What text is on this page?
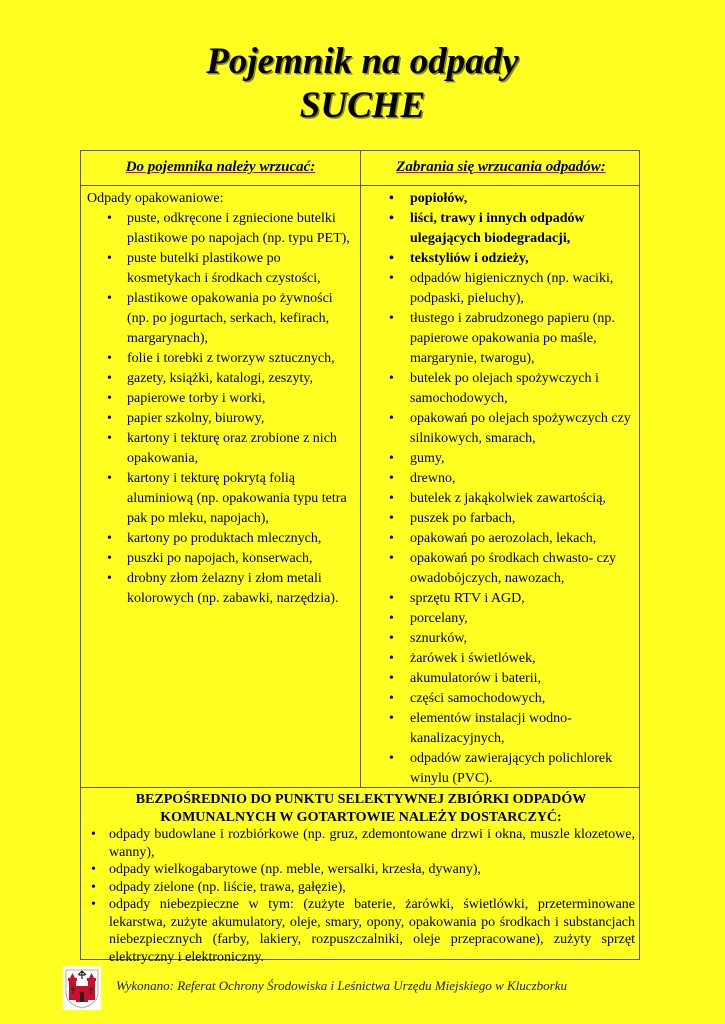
Pojemnik na odpady
SUCHE
Do pojemnika należy wrzucać:	Zabrania się wrzucania odpadów:
Odpady opakowaniowe:
• puste, odkręcone i zgniecione butelki plastikowe po napojach (np. typu PET),
• puste butelki plastikowe po kosmetykach i środkach czystości,
• plastikowe opakowania po żywności (np. po jogurtach, serkach, kefirach, margarynach),
• folie i torebki z tworzyw sztucznych,
• gazety, książki, katalogi, zeszyty,
• papierowe torby i worki,
• papier szkolny, biurowy,
• kartony i tekturę oraz zrobione z nich opakowania,
• kartony i tekturę pokrytą folią aluminiową (np. opakowania typu tetra pak po mleku, napojach),
• kartony po produktach mlecznych,
• puszki po napojach, konserwach,
• drobny złom żelazny i złom metali kolorowych (np. zabawki, narzędzia).
• popiołów,
• liści, trawy i innych odpadów ulegających biodegradacji,
• tekstyliów i odzieży,
• odpadów higienicznych (np. waciki, podpaski, pieluchy),
• tłustego i zabrudzonego papieru (np. papierowe opakowania po maśle, margarynie, twarogu),
• butelek po olejach spożywczych i samochodowych,
• opakowań po olejach spożywczych czy silnikowych, smarach,
• gumy,
• drewno,
• butelek z jakąkolwiek zawartością,
• puszek po farbach,
• opakowań po aerozolach, lekach,
• opakowań po środkach chwasto- czy owadobójczych, nawozach,
• sprzętu RTV i AGD,
• porcelany,
• sznurków,
• żarówek i świetlówek,
• akumulatorów i baterii,
• części samochodowych,
• elementów instalacji wodno-kanalizacyjnych,
• odpadów zawierających polichlorek winylu (PVC).
BEZPOŚREDNIO DO PUNKTU SELEKTYWNEJ ZBIÓRKI ODPADÓW KOMUNALNYCH W GOTARTOWIE NALEŻY DOSTARCZYĆ:
• odpady budowlane i rozbiórkowe (np. gruz, zdemontowane drzwi i okna, muszle klozetowe, wanny),
• odpady wielkogabarytowe (np. meble, wersalki, krzesła, dywany),
• odpady zielone (np. liście, trawa, gałęzie),
• odpady niebezpieczne w tym: (zużyte baterie, żarówki, świetlówki, przeterminowane lekarstwa, zużyte akumulatory, oleje, smary, opony, opakowania po środkach i substancjach niebezpiecznych (farby, lakiery, rozpuszczalniki, oleje przepracowane), zużyty sprzęt elektryczny i elektroniczny.
Wykonano: Referat Ochrony Środowiska i Leśnictwa Urzędu Miejskiego w Kluczborku
